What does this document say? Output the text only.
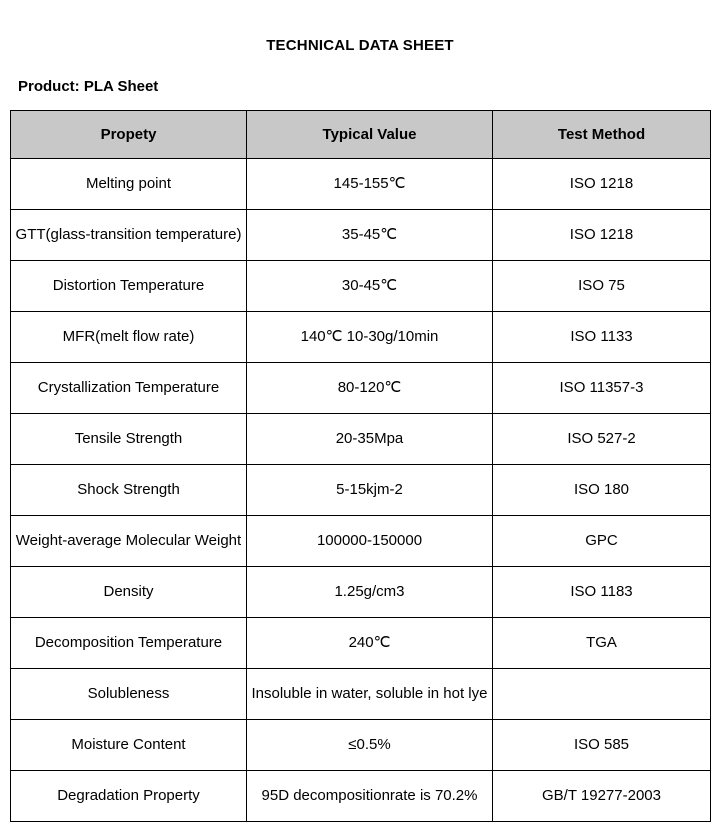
TECHNICAL DATA SHEET
Product: PLA Sheet
Propety	Typical Value	Test Method
Melting point	145-155℃	ISO 1218
GTT(glass-transition temperature)	35-45℃	ISO 1218
Distortion Temperature	30-45℃	ISO 75
MFR(melt flow rate)	140℃ 10-30g/10min	ISO 1133
Crystallization Temperature	80-120℃	ISO 11357-3
Tensile Strength	20-35Mpa	ISO 527-2
Shock Strength	5-15kjm-2	ISO 180
Weight-average Molecular Weight	100000-150000	GPC
Density	1.25g/cm3	ISO 1183
Decomposition Temperature	240℃	TGA
Solubleness	Insoluble in water, soluble in hot lye	
Moisture Content	≤0.5%	ISO 585
Degradation Property	95D decompositionrate is 70.2%	GB/T 19277-2003
